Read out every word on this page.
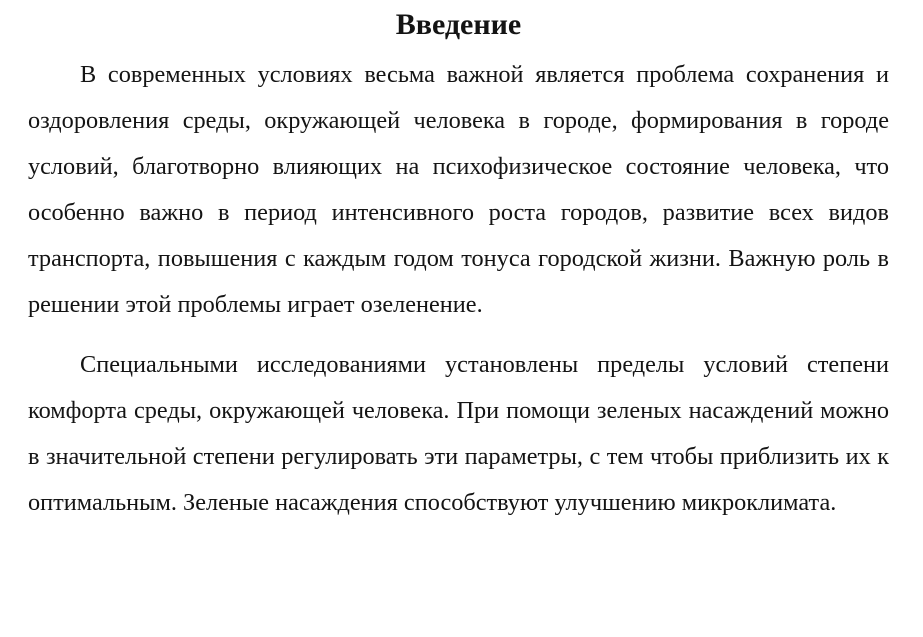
Введение

В современных условиях весьма важной является проблема сохранения и оздоровления среды, окружающей человека в городе, формирования в городе условий, благотворно влияющих на психофизическое состояние человека, что особенно важно в период интенсивного роста городов, развитие всех видов транспорта, повышения с каждым годом тонуса городской жизни. Важную роль в решении этой проблемы играет озеленение.

Специальными исследованиями установлены пределы условий степени комфорта среды, окружающей человека. При помощи зеленых насаждений можно в значительной степени регулировать эти параметры, с тем чтобы приблизить их к оптимальным. Зеленые насаждения способствуют улучшению микроклимата.
